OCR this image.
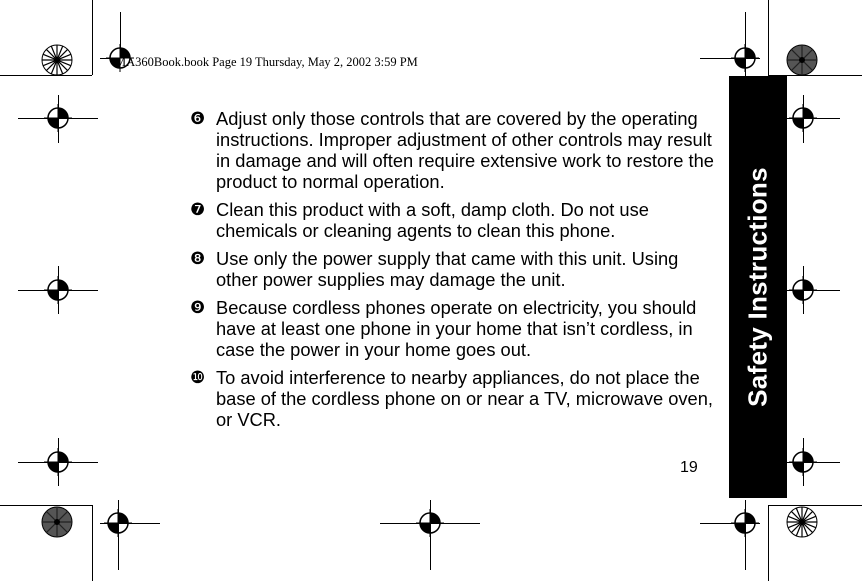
MA360Book.book Page 19 Thursday, May 2, 2002 3:59 PM
Safety Instructions
❻ Adjust only those controls that are covered by the operating instructions. Improper adjustment of other controls may result in damage and will often require extensive work to restore the product to normal operation.
❼ Clean this product with a soft, damp cloth. Do not use chemicals or cleaning agents to clean this phone.
❽ Use only the power supply that came with this unit. Using other power supplies may damage the unit.
❾ Because cordless phones operate on electricity, you should have at least one phone in your home that isn’t cordless, in case the power in your home goes out.
❿ To avoid interference to nearby appliances, do not place the base of the cordless phone on or near a TV, microwave oven, or VCR.
19
